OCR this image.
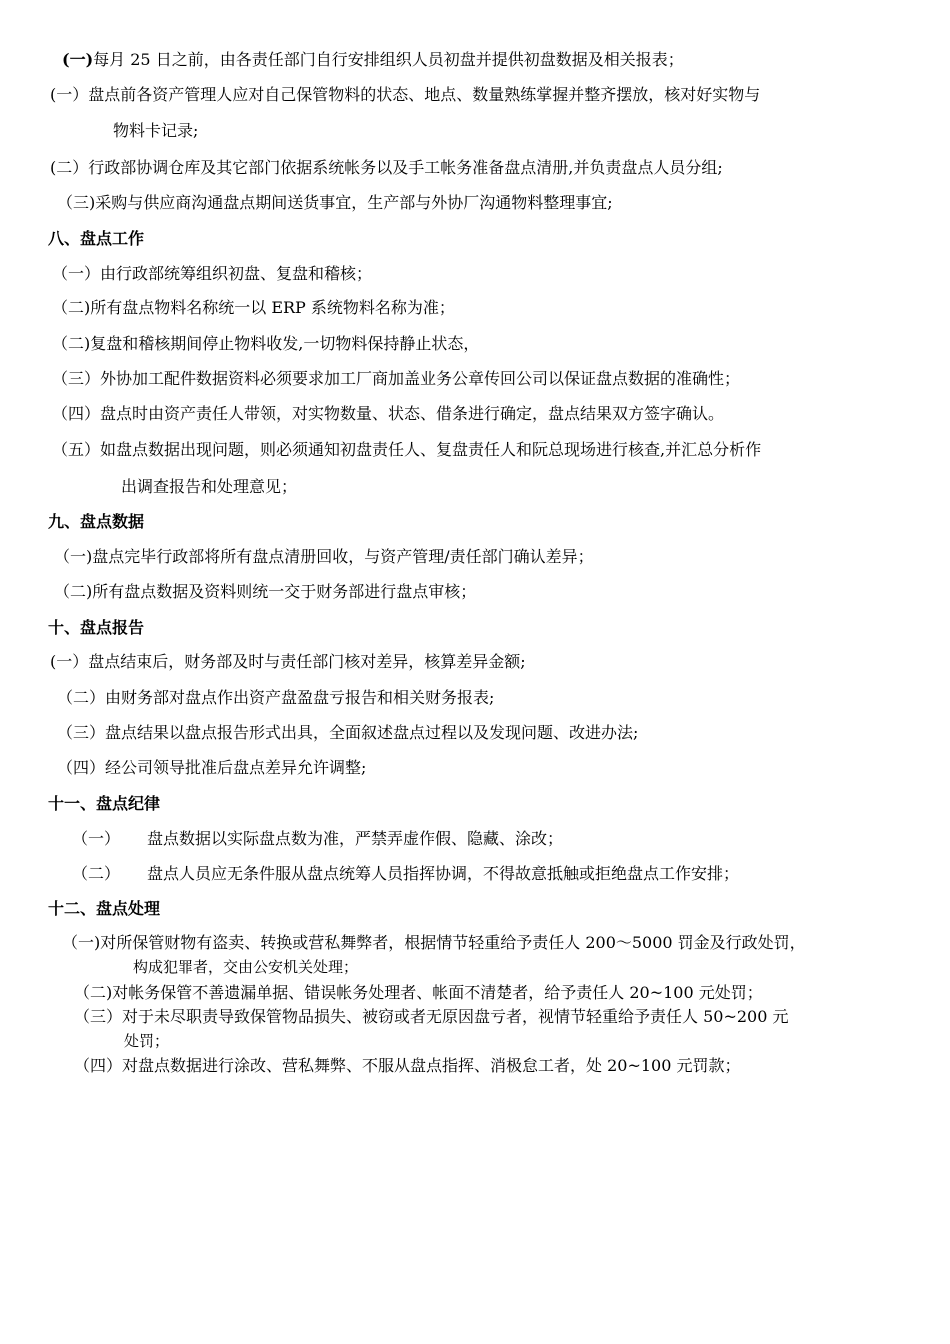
(一)每月 25 日之前，由各责任部门自行安排组织人员初盘并提供初盘数据及相关报表；
(一）盘点前各资产管理人应对自己保管物料的状态、地点、数量熟练掌握并整齐摆放，核对好实物与
物料卡记录;
(二）行政部协调仓库及其它部门依据系统帐务以及手工帐务准备盘点清册,并负责盘点人员分组;
（三)采购与供应商沟通盘点期间送货事宜，生产部与外协厂沟通物料整理事宜;
八、盘点工作
（一）由行政部统筹组织初盘、复盘和稽核；
（二)所有盘点物料名称统一以 ERP 系统物料名称为准；
（二)复盘和稽核期间停止物料收发,一切物料保持静止状态，
（三）外协加工配件数据资料必须要求加工厂商加盖业务公章传回公司以保证盘点数据的准确性；
（四）盘点时由资产责任人带领，对实物数量、状态、借条进行确定，盘点结果双方签字确认。
（五）如盘点数据出现问题，则必须通知初盘责任人、复盘责任人和阮总现场进行核查,并汇总分析作
出调查报告和处理意见；
九、盘点数据
（一)盘点完毕行政部将所有盘点清册回收，与资产管理/责任部门确认差异；
（二)所有盘点数据及资料则统一交于财务部进行盘点审核；
十、盘点报告
(一）盘点结束后，财务部及时与责任部门核对差异，核算差异金额;
（二）由财务部对盘点作出资产盘盈盘亏报告和相关财务报表;
（三）盘点结果以盘点报告形式出具，全面叙述盘点过程以及发现问题、改进办法;
（四）经公司领导批准后盘点差异允许调整;
十一、盘点纪律
（一） 盘点数据以实际盘点数为准，严禁弄虚作假、隐藏、涂改；
（二） 盘点人员应无条件服从盘点统筹人员指挥协调，不得故意抵触或拒绝盘点工作安排；
十二、盘点处理
（一)对所保管财物有盗卖、转换或营私舞弊者，根据情节轻重给予责任人 200～5000 罚金及行政处罚，
构成犯罪者，交由公安机关处理；
（二)对帐务保管不善遗漏单据、错误帐务处理者、帐面不清楚者，给予责任人 20~100 元处罚；
（三）对于未尽职责导致保管物品损失、被窃或者无原因盘亏者，视情节轻重给予责任人 50~200 元
处罚；
（四）对盘点数据进行涂改、营私舞弊、不服从盘点指挥、消极怠工者，处 20~100 元罚款；
